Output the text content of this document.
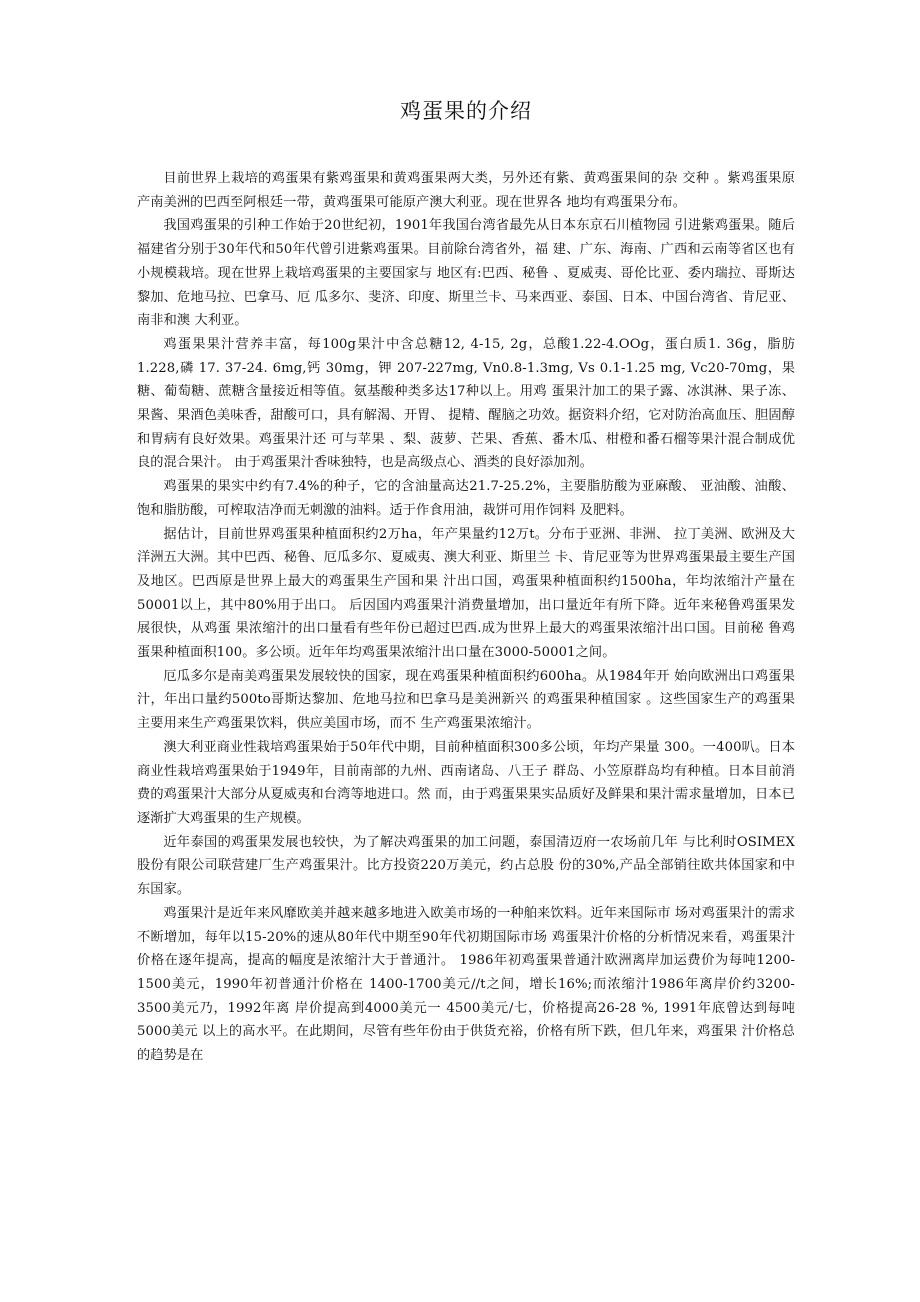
鸡蛋果的介绍

目前世界上栽培的鸡蛋果有紫鸡蛋果和黄鸡蛋果两大类，另外还有紫、黄鸡蛋果间的杂 交种 。紫鸡蛋果原产南美洲的巴西至阿根廷一带，黄鸡蛋果可能原产澳大利亚。现在世界各 地均有鸡蛋果分布。

我国鸡蛋果的引种工作始于20世纪初，1901年我国台湾省最先从日本东京石川植物园 引进紫鸡蛋果。随后福建省分别于30年代和50年代曾引进紫鸡蛋果。目前除台湾省外，福 建、广东、海南、广西和云南等省区也有小规模栽培。现在世界上栽培鸡蛋果的主要国家与 地区有:巴西、秘鲁 、夏威夷、哥伦比亚、委内瑞拉、哥斯达黎加、危地马拉、巴拿马、厄 瓜多尔、斐济、印度、斯里兰卡、马来西亚、泰国、日本、中国台湾省、肯尼亚、南非和澳 大利亚。

鸡蛋果果汁营养丰富，每100g果汁中含总糖12, 4-15, 2g，总酸1.22-4.OOg，蛋白质1. 36g，脂肪 1.228,磷 17. 37-24. 6mg,钙 30mg，钾 207-227mg, Vn0.8-1.3mg, Vs 0.1-1.25 mg, Vc20-70mg，果糖、葡萄糖、蔗糖含量接近相等值。氨基酸种类多达17种以上。用鸡 蛋果汁加工的果子露、冰淇淋、果子冻、果酱、果酒色美味香，甜酸可口，具有解渴、开胃、 提精、醒脑之功效。据资料介绍，它对防治高血压、胆固醇和胃病有良好效果。鸡蛋果汁还 可与苹果 、梨、菠萝、芒果、香蕉、番木瓜、柑橙和番石榴等果汁混合制成优良的混合果汁。 由于鸡蛋果汁香味独特，也是高级点心、酒类的良好添加剂。

鸡蛋果的果实中约有7.4%的种子，它的含油量高达21.7-25.2%，主要脂肪酸为亚麻酸、 亚油酸、油酸、饱和脂肪酸，可榨取洁净而无刺激的油料。适于作食用油，裁饼可用作饲料 及肥料。

据估计，目前世界鸡蛋果种植面积约2万ha，年产果量约12万t。分布于亚洲、非洲、 拉丁美洲、欧洲及大洋洲五大洲。其中巴西、秘鲁、厄瓜多尔、夏威夷、澳大利亚、斯里兰 卡、肯尼亚等为世界鸡蛋果最主要生产国及地区。巴西原是世界上最大的鸡蛋果生产国和果 汁出口国，鸡蛋果种植面积约1500ha，年均浓缩汁产量在50001以上，其中80%用于出口。 后因国内鸡蛋果汁消费量增加，出口量近年有所下降。近年来秘鲁鸡蛋果发展很快，从鸡蛋 果浓缩汁的出口量看有些年份已超过巴西.成为世界上最大的鸡蛋果浓缩汁出口国。目前秘 鲁鸡蛋果种植面积100。多公顷。近年年均鸡蛋果浓缩汁出口量在3000-50001之间。

厄瓜多尔是南美鸡蛋果发展较快的国家，现在鸡蛋果种植面积约600ha。从1984年开 始向欧洲出口鸡蛋果汁，年出口量约500to哥斯达黎加、危地马拉和巴拿马是美洲新兴 的鸡蛋果种植国家 。这些国家生产的鸡蛋果主要用来生产鸡蛋果饮料，供应美国市场，而不 生产鸡蛋果浓缩汁。

澳大利亚商业性栽培鸡蛋果始于50年代中期，目前种植面积300多公顷，年均产果量 300。一400叭。日本商业性栽培鸡蛋果始于1949年，目前南部的九州、西南诸岛、八王子 群岛、小笠原群岛均有种植。日本目前消费的鸡蛋果汁大部分从夏威夷和台湾等地进口。然 而，由于鸡蛋果果实品质好及鲜果和果汁需求量增加，日本已逐渐扩大鸡蛋果的生产规模。

近年泰国的鸡蛋果发展也较快，为了解决鸡蛋果的加工问题，泰国清迈府一农场前几年 与比利时OSIMEX股份有限公司联营建厂生产鸡蛋果汁。比方投资220万美元，约占总股 份的30%,产品全部销往欧共体国家和中东国家。

鸡蛋果汁是近年来风靡欧美并越来越多地进入欧美市场的一种舶来饮料。近年来国际市 场对鸡蛋果汁的需求不断增加，每年以15-20%的速从80年代中期至90年代初期国际市场 鸡蛋果汁价格的分析情况来看，鸡蛋果汁价格在逐年提高，提高的幅度是浓缩汁大于普通汁。 1986年初鸡蛋果普通汁欧洲离岸加运费价为每吨1200-1500美元，1990年初普通汁价格在 1400-1700美元//t之间，增长16%;而浓缩汁1986年离岸价约3200-3500美元乃，1992年离 岸价提高到4000美元一 4500美元/七，价格提高26-28 %, 1991年底曾达到每吨5000美元 以上的高水平。在此期间，尽管有些年份由于供货充裕，价格有所下跌，但几年来，鸡蛋果 汁价格总的趋势是在
